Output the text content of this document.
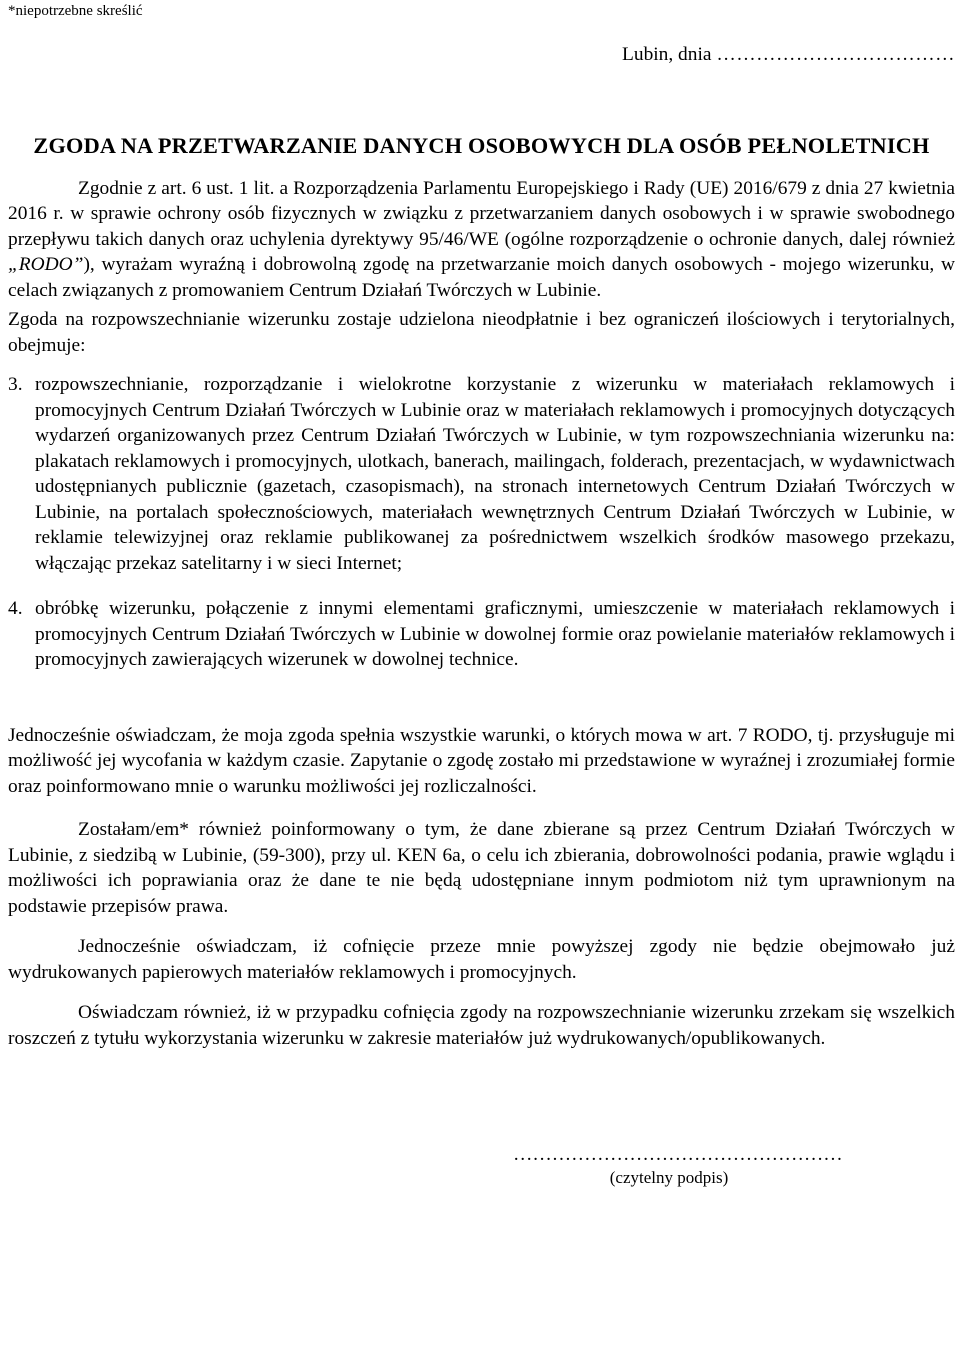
*niepotrzebne skreślić
Lubin, dnia ………………………………
ZGODA NA PRZETWARZANIE DANYCH OSOBOWYCH DLA OSÓB PEŁNOLETNICH

Zgodnie z art. 6 ust. 1 lit. a Rozporządzenia Parlamentu Europejskiego i Rady (UE) 2016/679 z dnia 27 kwietnia 2016 r. w sprawie ochrony osób fizycznych w związku z przetwarzaniem danych osobowych i w sprawie swobodnego przepływu takich danych oraz uchylenia dyrektywy 95/46/WE (ogólne rozporządzenie o ochronie danych, dalej również „RODO”), wyrażam wyraźną i dobrowolną zgodę na przetwarzanie moich danych osobowych - mojego wizerunku, w celach związanych z promowaniem Centrum Działań Twórczych w Lubinie.

Zgoda na rozpowszechnianie wizerunku zostaje udzielona nieodpłatnie i bez ograniczeń ilościowych i terytorialnych, obejmuje:

3. rozpowszechnianie, rozporządzanie i wielokrotne korzystanie z wizerunku w materiałach reklamowych i promocyjnych Centrum Działań Twórczych w Lubinie oraz w materiałach reklamowych i promocyjnych dotyczących wydarzeń organizowanych przez Centrum Działań Twórczych w Lubinie, w tym rozpowszechniania wizerunku na: plakatach reklamowych i promocyjnych, ulotkach, banerach, mailingach, folderach, prezentacjach, w wydawnictwach udostępnianych publicznie (gazetach, czasopismach), na stronach internetowych Centrum Działań Twórczych w Lubinie, na portalach społecznościowych, materiałach wewnętrznych Centrum Działań Twórczych w Lubinie, w reklamie telewizyjnej oraz reklamie publikowanej za pośrednictwem wszelkich środków masowego przekazu, włączając przekaz satelitarny i w sieci Internet;
4. obróbkę wizerunku, połączenie z innymi elementami graficznymi, umieszczenie w materiałach reklamowych i promocyjnych Centrum Działań Twórczych w Lubinie w dowolnej formie oraz powielanie materiałów reklamowych i promocyjnych zawierających wizerunek w dowolnej technice.

Jednocześnie oświadczam, że moja zgoda spełnia wszystkie warunki, o których mowa w art. 7 RODO, tj. przysługuje mi możliwość jej wycofania w każdym czasie. Zapytanie o zgodę zostało mi przedstawione w wyraźnej i zrozumiałej formie oraz poinformowano mnie o warunku możliwości jej rozliczalności.

Zostałam/em* również poinformowany o tym, że dane zbierane są przez Centrum Działań Twórczych w Lubinie, z siedzibą w Lubinie, (59-300), przy ul. KEN 6a, o celu ich zbierania, dobrowolności podania, prawie wglądu i możliwości ich poprawiania oraz że dane te nie będą udostępniane innym podmiotom niż tym uprawnionym na podstawie przepisów prawa.

Jednocześnie oświadczam, iż cofnięcie przeze mnie powyższej zgody nie będzie obejmowało już wydrukowanych papierowych materiałów reklamowych i promocyjnych.

Oświadczam również, iż w przypadku cofnięcia zgody na rozpowszechnianie wizerunku zrzekam się wszelkich roszczeń z tytułu wykorzystania wizerunku w zakresie materiałów już wydrukowanych/opublikowanych.

……………………………………………
(czytelny podpis)
